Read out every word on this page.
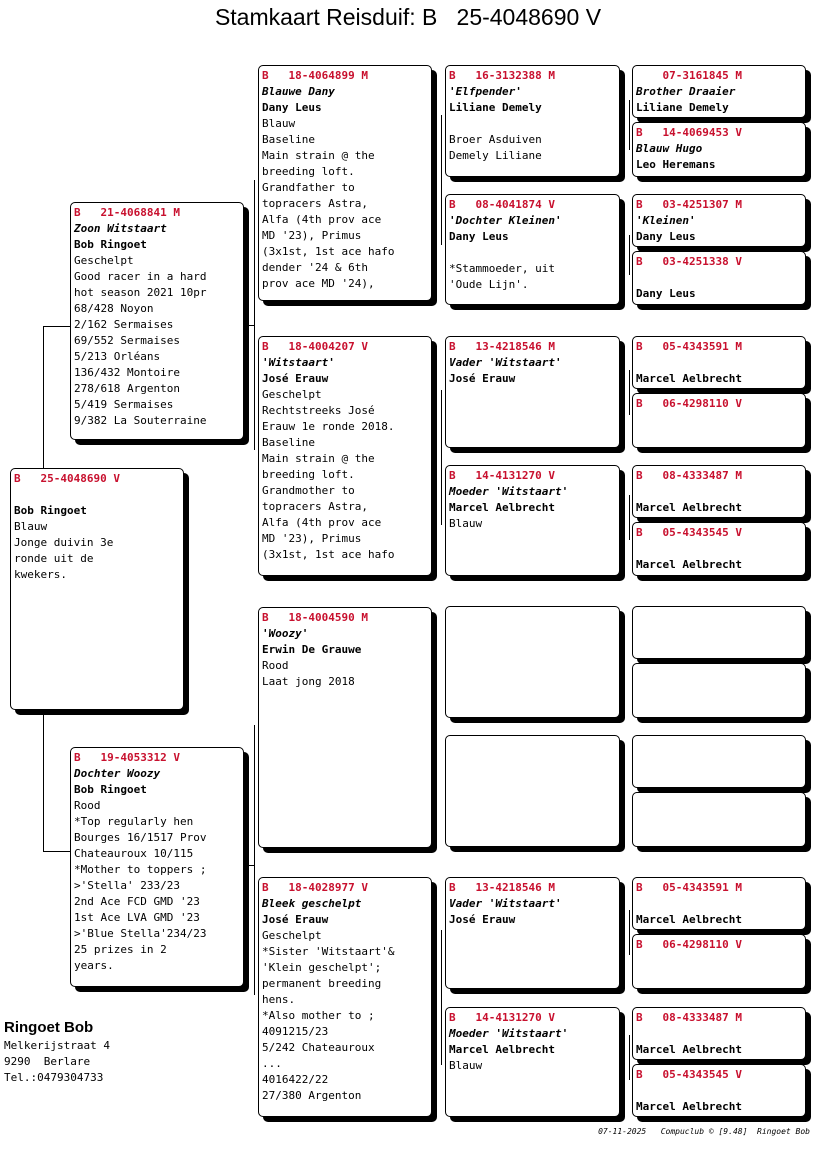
Stamkaart Reisduif: B   25-4048690 V
B   25-4048690 V
Bob Ringoet
Blauw
Jonge duivin 3e
ronde uit de
kwekers.
B   21-4068841 M
Zoon Witstaart
Bob Ringoet
Geschelpt
Good racer in a hard
hot season 2021 10pr
68/428 Noyon
2/162 Sermaises
69/552 Sermaises
5/213 Orléans
136/432 Montoire
278/618 Argenton
5/419 Sermaises
9/382 La Souterraine
B   19-4053312 V
Dochter Woozy
Bob Ringoet
Rood
*Top regularly hen
Bourges 16/1517 Prov
Chateauroux 10/115
*Mother to toppers ;
>'Stella' 233/23
2nd Ace FCD GMD '23
1st Ace LVA GMD '23
>'Blue Stella'234/23
25 prizes in 2
years.
B   18-4064899 M
Blauwe Dany
Dany Leus
Blauw
Baseline
Main strain @ the
breeding loft.
Grandfather to
topracers Astra,
Alfa (4th prov ace
MD '23), Primus
(3x1st, 1st ace hafo
dender '24 & 6th
prov ace MD '24),
B   18-4004207 V
'Witstaart'
José Erauw
Geschelpt
Rechtstreeks José
Erauw 1e ronde 2018.
Baseline
Main strain @ the
breeding loft.
Grandmother to
topracers Astra,
Alfa (4th prov ace
MD '23), Primus
(3x1st, 1st ace hafo
B   18-4004590 M
'Woozy'
Erwin De Grauwe
Rood
Laat jong 2018
B   18-4028977 V
Bleek geschelpt
José Erauw
Geschelpt
*Sister 'Witstaart'&
'Klein geschelpt';
permanent breeding
hens.
*Also mother to ;
4091215/23
5/242 Chateauroux
...
4016422/22
27/380 Argenton
B   16-3132388 M
'Elfpender'
Liliane Demely
Broer Asduiven
Demely Liliane
B   08-4041874 V
'Dochter Kleinen'
Dany Leus
*Stammoeder, uit
'Oude Lijn'.
B   13-4218546 M
Vader 'Witstaart'
José Erauw
B   14-4131270 V
Moeder 'Witstaart'
Marcel Aelbrecht
Blauw
B   13-4218546 M
Vader 'Witstaart'
José Erauw
B   14-4131270 V
Moeder 'Witstaart'
Marcel Aelbrecht
Blauw
07-3161845 M
Brother Draaier
Liliane Demely
B   14-4069453 V
Blauw Hugo
Leo Heremans
B   03-4251307 M
'Kleinen'
Dany Leus
B   03-4251338 V
Dany Leus
B   05-4343591 M
Marcel Aelbrecht
B   06-4298110 V
B   08-4333487 M
Marcel Aelbrecht
B   05-4343545 V
Marcel Aelbrecht
B   05-4343591 M
Marcel Aelbrecht
B   06-4298110 V
B   08-4333487 M
Marcel Aelbrecht
B   05-4343545 V
Marcel Aelbrecht
Ringoet Bob
Melkerijstraat 4
9290  Berlare
Tel.:0479304733
07-11-2025   Compuclub © [9.48]  Ringoet Bob
